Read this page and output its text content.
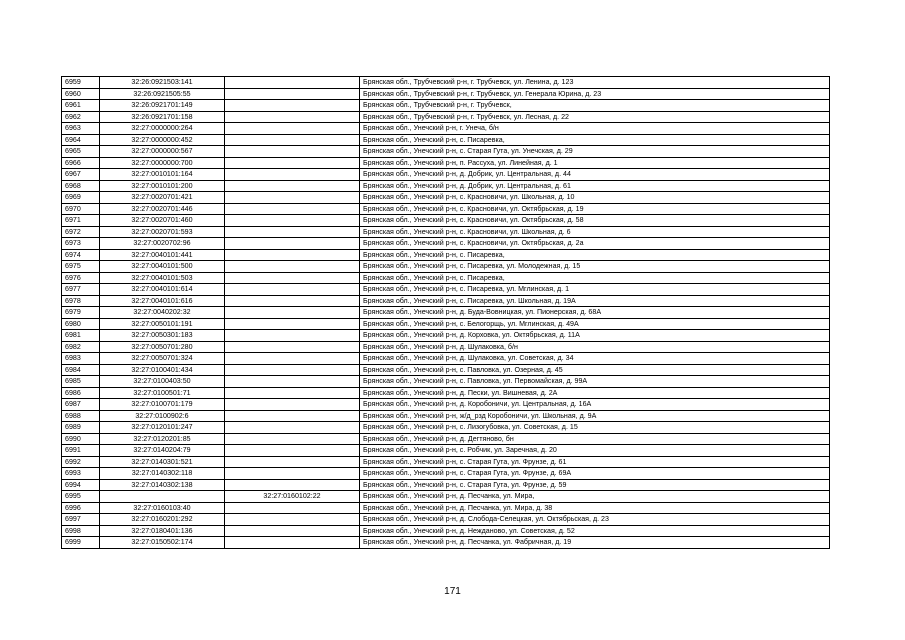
6959	32:26:0921503:141		Брянская обл., Трубчевский р-н, г. Трубчевск, ул. Ленина, д. 123
6960	32:26:0921505:55		Брянская обл., Трубчевский р-н, г. Трубчевск, ул. Генерала Юрина, д. 23
6961	32:26:0921701:149		Брянская обл., Трубчевский р-н, г. Трубчевск,
6962	32:26:0921701:158		Брянская обл., Трубчевский р-н, г. Трубчевск, ул. Лесная, д. 22
6963	32:27:0000000:264		Брянская обл., Унечский р-н, г. Унеча, б/н
6964	32:27:0000000:452		Брянская обл., Унечский р-н, с. Писаревка,
6965	32:27:0000000:567		Брянская обл., Унечский р-н, с. Старая Гута, ул. Унечская, д. 29
6966	32:27:0000000:700		Брянская обл., Унечский р-н, п. Рассуха, ул. Линейная, д. 1
6967	32:27:0010101:164		Брянская обл., Унечский р-н, д. Добрик, ул. Центральная, д. 44
6968	32:27:0010101:200		Брянская обл., Унечский р-н, д. Добрик, ул. Центральная, д. 61
6969	32:27:0020701:421		Брянская обл., Унечский р-н, с. Красновичи, ул. Школьная, д. 10
6970	32:27:0020701:446		Брянская обл., Унечский р-н, с. Красновичи, ул. Октябрьская, д. 19
6971	32:27:0020701:460		Брянская обл., Унечский р-н, с. Красновичи, ул. Октябрьская, д. 58
6972	32:27:0020701:593		Брянская обл., Унечский р-н, с. Красновичи, ул. Школьная, д. 6
6973	32:27:0020702:96		Брянская обл., Унечский р-н, с. Красновичи, ул. Октябрьская, д. 2а
6974	32:27:0040101:441		Брянская обл., Унечский р-н, с. Писаревка,
6975	32:27:0040101:500		Брянская обл., Унечский р-н, с. Писаревка, ул. Молодежная, д. 15
6976	32:27:0040101:503		Брянская обл., Унечский р-н, с. Писаревка,
6977	32:27:0040101:614		Брянская обл., Унечский р-н, с. Писаревка, ул. Мглинская, д. 1
6978	32:27:0040101:616		Брянская обл., Унечский р-н, с. Писаревка, ул. Школьная, д. 19А
6979	32:27:0040202:32		Брянская обл., Унечский р-н, д. Буда-Вовницкая, ул. Пионерская, д. 68А
6980	32:27:0050101:191		Брянская обл., Унечский р-н, с. Белогорщь, ул. Мглинская, д. 49А
6981	32:27:0050301:183		Брянская обл., Унечский р-н, д. Корховка, ул. Октябрьская, д. 11А
6982	32:27:0050701:280		Брянская обл., Унечский р-н, д. Шулаковка, б/н
6983	32:27:0050701:324		Брянская обл., Унечский р-н, д. Шулаковка, ул. Советская, д. 34
6984	32:27:0100401:434		Брянская обл., Унечский р-н, с. Павловка, ул. Озерная, д. 45
6985	32:27:0100403:50		Брянская обл., Унечский р-н, с. Павловка, ул. Первомайская, д. 99А
6986	32:27:0100501:71		Брянская обл., Унечский р-н, д. Пески, ул. Вишневая, д. 2А
6987	32:27:0100701:179		Брянская обл., Унечский р-н, д. Коробоничи, ул. Центральная, д. 16А
6988	32:27:0100902:6		Брянская обл., Унечский р-н, ж/д_рзд Коробоничи, ул. Школьная, д. 9А
6989	32:27:0120101:247		Брянская обл., Унечский р-н, с. Лизогубовка, ул. Советская, д. 15
6990	32:27:0120201:85		Брянская обл., Унечский р-н, д. Дегтяново, бн
6991	32:27:0140204:79		Брянская обл., Унечский р-н, с. Робчик, ул. Заречная, д. 20
6992	32:27:0140301:521		Брянская обл., Унечский р-н, с. Старая Гута, ул. Фрунзе, д. 61
6993	32:27:0140302:118		Брянская обл., Унечский р-н, с. Старая Гута, ул. Фрунзе, д. 69А
6994	32:27:0140302:138		Брянская обл., Унечский р-н, с. Старая Гута, ул. Фрунзе, д. 59
6995		32:27:0160102:22	Брянская обл., Унечский р-н, д. Песчанка, ул. Мира,
6996	32:27:0160103:40		Брянская обл., Унечский р-н, д. Песчанка, ул. Мира, д. 38
6997	32:27:0160201:292		Брянская обл., Унечский р-н, д. Слобода-Селецкая, ул. Октябрьская, д. 23
6998	32:27:0180401:136		Брянская обл., Унечский р-н, д. Нежданово, ул. Советская, д. 52
6999	32:27:0150502:174		Брянская обл., Унечский р-н, д. Песчанка, ул. Фабричная, д. 19
171
